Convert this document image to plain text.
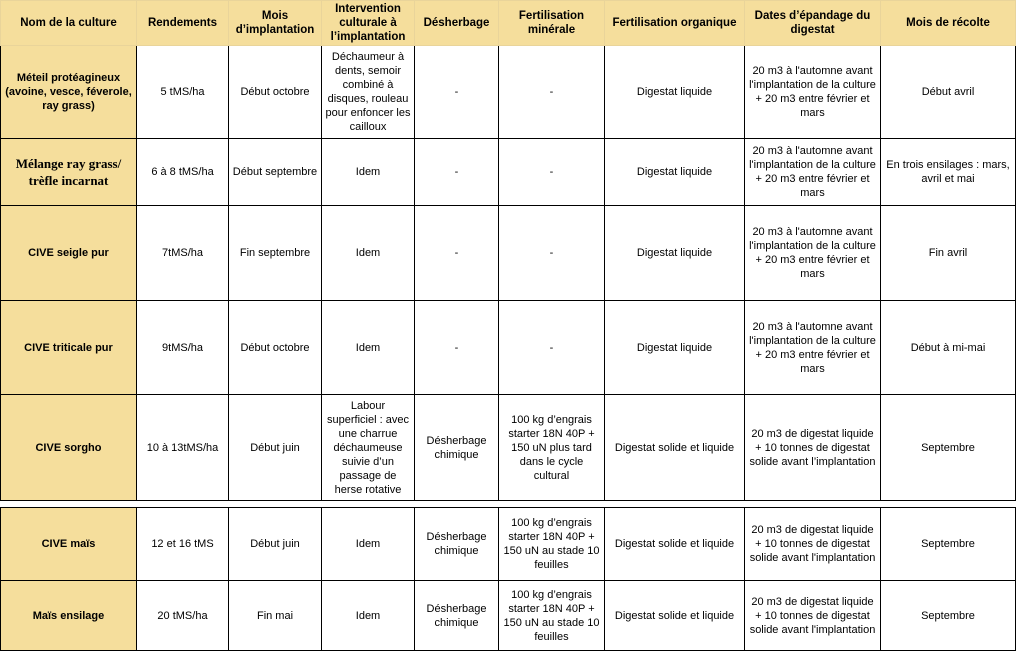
Nom de la culture	Rendements	Mois d’implantation	Intervention culturale à l’implantation	Désherbage	Fertilisation minérale	Fertilisation organique	Dates d’épandage du digestat	Mois de récolte
Méteil protéagineux (avoine, vesce, féverole, ray grass)	5 tMS/ha	Début octobre	Déchaumeur à dents, semoir combiné à disques, rouleau pour enfoncer les cailloux	-	-	Digestat liquide	20 m3 à l'automne avant l'implantation de la culture + 20 m3 entre février et mars	Début avril
Mélange ray grass/ trèfle incarnat	6 à 8 tMS/ha	Début septembre	Idem	-	-	Digestat liquide	20 m3 à l'automne avant l'implantation de la culture + 20 m3 entre février et mars	En trois ensilages : mars, avril et mai
CIVE seigle pur	7tMS/ha	Fin septembre	Idem	-	-	Digestat liquide	20 m3 à l'automne avant l'implantation de la culture + 20 m3 entre février et mars	Fin avril
CIVE triticale pur	9tMS/ha	Début octobre	Idem	-	-	Digestat liquide	20 m3 à l'automne avant l'implantation de la culture + 20 m3 entre février et mars	Début à mi-mai
CIVE sorgho	10 à 13tMS/ha	Début juin	Labour superficiel : avec une charrue déchaumeuse suivie d’un passage de herse rotative	Désherbage chimique	100 kg d’engrais starter 18N 40P + 150 uN plus tard dans le cycle cultural	Digestat solide et liquide	20 m3 de digestat liquide + 10 tonnes de digestat solide avant l’implantation	Septembre
CIVE maïs	12 et 16 tMS	Début juin	Idem	Désherbage chimique	100 kg d’engrais starter 18N 40P + 150 uN au stade 10 feuilles	Digestat solide et liquide	20 m3 de digestat liquide + 10 tonnes de digestat solide avant l'implantation	Septembre
Maïs ensilage	20 tMS/ha	Fin mai	Idem	Désherbage chimique	100 kg d’engrais starter 18N 40P + 150 uN au stade 10 feuilles	Digestat solide et liquide	20 m3 de digestat liquide + 10 tonnes de digestat solide avant l'implantation	Septembre
